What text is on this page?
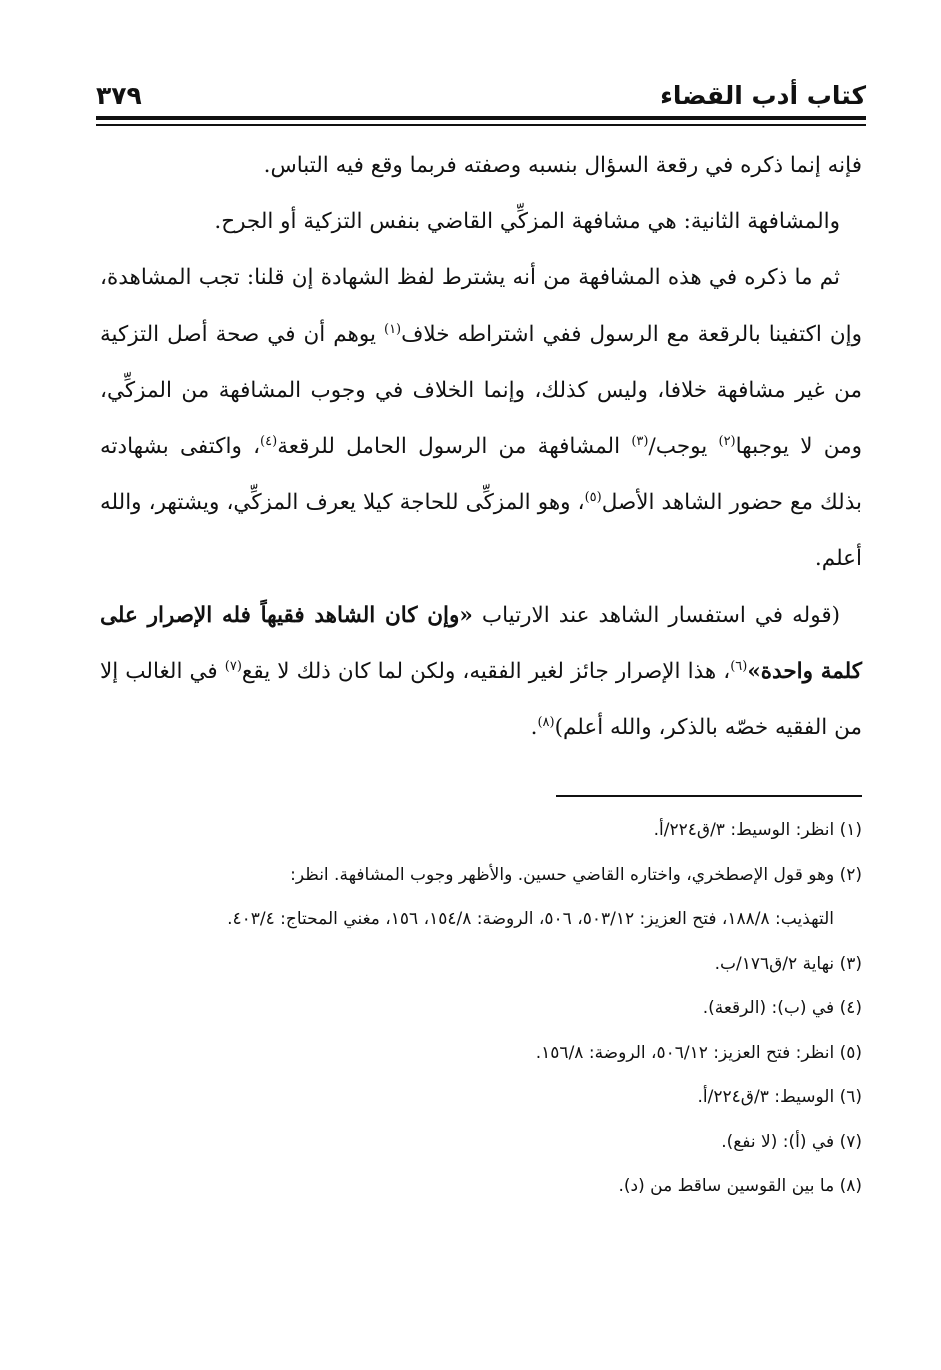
كتاب أدب القضاء
٣٧٩

فإنه إنما ذكره في رقعة السؤال بنسبه وصفته فربما وقع فيه التباس.

والمشافهة الثانية: هي مشافهة المزكِّي القاضي بنفس التزكية أو الجرح.

ثم ما ذكره في هذه المشافهة من أنه يشترط لفظ الشهادة إن قلنا: تجب المشاهدة، وإن اكتفينا بالرقعة مع الرسول ففي اشتراطه خلاف$^{(١)}$ يوهم أن في صحة أصل التزكية من غير مشافهة خلافا، وليس كذلك، وإنما الخلاف في وجوب المشافهة من المزكِّي، ومن لا يوجبها$^{(٢)}$ يوجب/$^{(٣)}$ المشافهة من الرسول الحامل للرقعة$^{(٤)}$، واكتفى بشهادته بذلك مع حضور الشاهد الأصل$^{(٥)}$، وهو المزكِّى للحاجة كيلا يعرف المزكِّي، ويشتهر، والله أعلم.

(قوله في استفسار الشاهد عند الارتياب «وإن كان الشاهد فقيهاً فله الإصرار على كلمة واحدة»$^{(٦)}$، هذا الإصرار جائز لغير الفقيه، ولكن لما كان ذلك لا يقع$^{(٧)}$ في الغالب إلا من الفقيه خصّه بالذكر، والله أعلم)$^{(٨)}$.

(١) انظر: الوسيط: ٣/ق٢٢٤/أ.

(٢) وهو قول الإصطخري، واختاره القاضي حسين. والأظهر وجوب المشافهة. انظر:

التهذيب: ١٨٨/٨، فتح العزيز: ٥٠٣/١٢، ٥٠٦، الروضة: ١٥٤/٨، ١٥٦، مغني المحتاج: ٤٠٣/٤.

(٣) نهاية ٢/ق١٧٦/ب.

(٤) في (ب): (الرقعة).

(٥) انظر: فتح العزيز: ٥٠٦/١٢، الروضة: ١٥٦/٨.

(٦) الوسيط: ٣/ق٢٢٤/أ.

(٧) في (أ): (لا نفع).

(٨) ما بين القوسين ساقط من (د).
